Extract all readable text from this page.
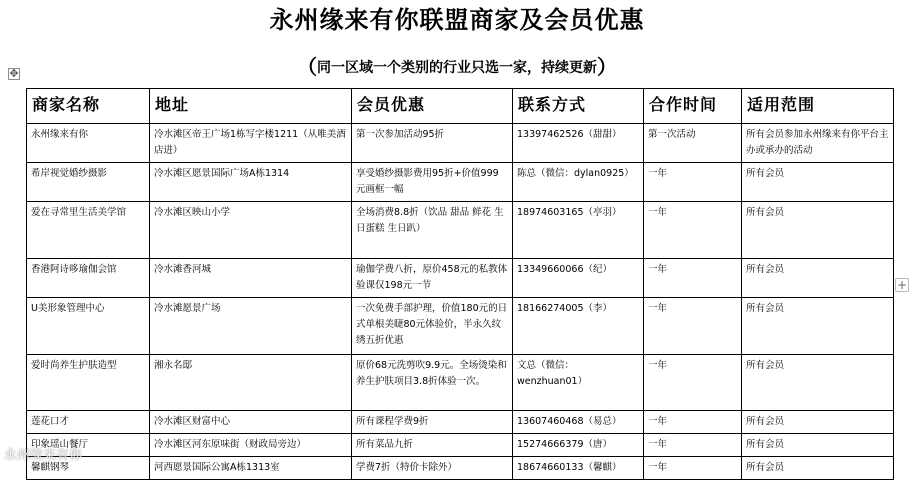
永州缘来有你联盟商家及会员优惠
（同一区域一个类别的行业只选一家，持续更新）
✥
+
商家名称	地址	会员优惠	联系方式	合作时间	适用范围
永州缘来有你	冷水滩区帝王广场1栋写字楼1211（从唯美酒店进）	第一次参加活动95折	13397462526（甜甜）	第一次活动	所有会员参加永州缘来有你平台主办或承办的活动
希岸视觉婚纱摄影	冷水滩区愿景国际广场A栋1314	享受婚纱摄影费用95折+价值999元画框一幅	陈总（微信：dylan0925）	一年	所有会员
爱在寻常里生活美学馆	冷水滩区映山小学	全场消费8.8折（饮品 甜品 鲜花 生日蛋糕 生日趴）	18974603165（亭羽）	一年	所有会员
香港阿诗哆瑜伽会馆	冷水滩香河城	瑜伽学费八折，原价458元的私教体验课仅198元一节	13349660066（纪）	一年	所有会员
U美形象管理中心	冷水滩愿景广场	一次免费手部护理，价值180元的日式单根美睫80元体验价，半永久纹绣五折优惠	18166274005（李）	一年	所有会员
爱时尚养生护肤造型	湘永名邸	原价68元洗剪吹9.9元。全场烫染和养生护肤项目3.8折体验一次。	文总（微信：wenzhuan01）	一年	所有会员
莲花口才	冷水滩区财富中心	所有课程学费9折	13607460468（易总）	一年	所有会员
印象瑶山餐厅	冷水滩区河东原味街（财政局旁边）	所有菜品九折	15274666379（唐）	一年	所有会员
馨麒钢琴	河西愿景国际公寓A栋1313室	学费7折（特价卡除外）	18674660133（馨麒）	一年	所有会员
永州缘来有你
